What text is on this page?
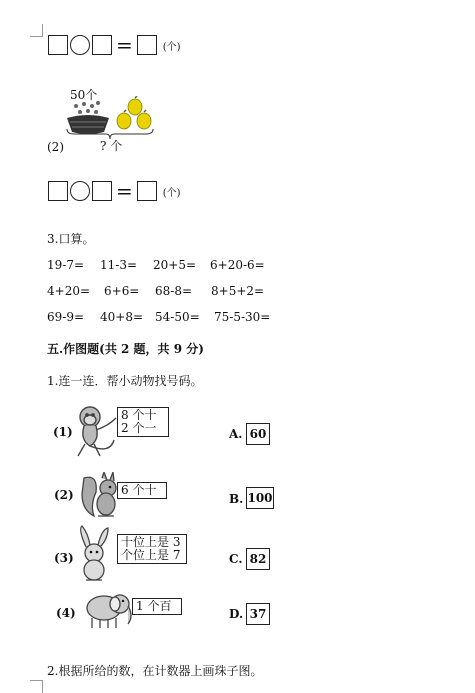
=	(个)
50个
(2)	? 个
=	(个)
3.口算。
19-7= 11-3= 20+5= 6+20-6=
4+20= 6+6= 68-8= 8+5+2=
69-9= 40+8= 54-50= 75-5-30=
五.作图题(共 2 题，共 9 分)
1.连一连．帮小动物找号码。
(1)
8 个十
2 个一
(2)	6 个十
(3)
十位上是 3
个位上是 7
(4)	1 个百
A. 60
B. 100
C. 82
D. 37
2.根据所给的数，在计数器上画珠子图。
